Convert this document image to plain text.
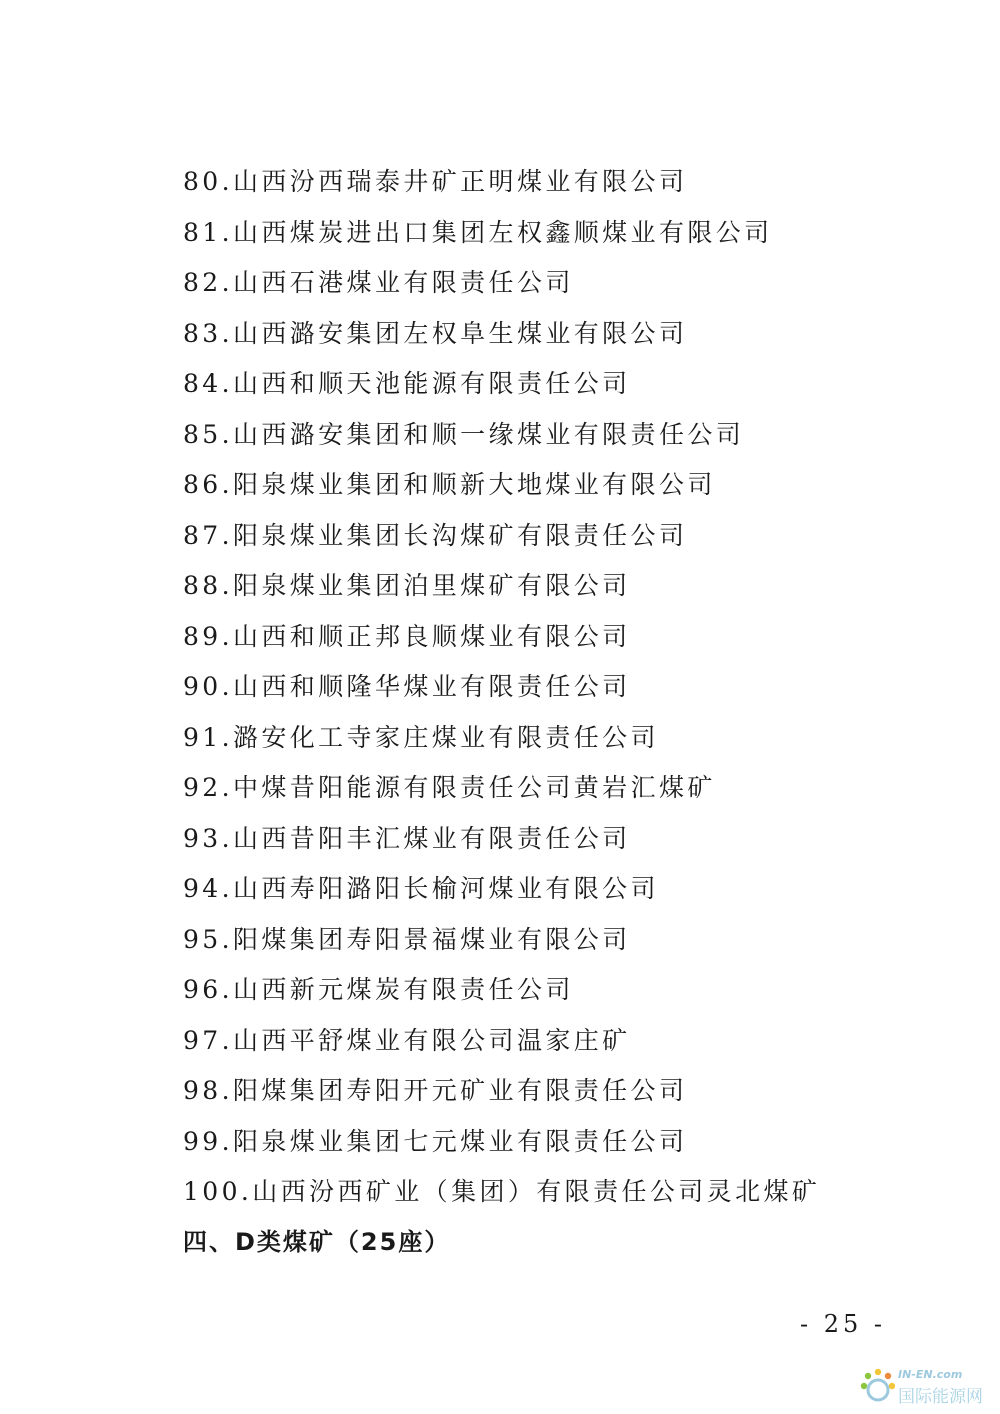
80.山西汾西瑞泰井矿正明煤业有限公司
81.山西煤炭进出口集团左权鑫顺煤业有限公司
82.山西石港煤业有限责任公司
83.山西潞安集团左权阜生煤业有限公司
84.山西和顺天池能源有限责任公司
85.山西潞安集团和顺一缘煤业有限责任公司
86.阳泉煤业集团和顺新大地煤业有限公司
87.阳泉煤业集团长沟煤矿有限责任公司
88.阳泉煤业集团泊里煤矿有限公司
89.山西和顺正邦良顺煤业有限公司
90.山西和顺隆华煤业有限责任公司
91.潞安化工寺家庄煤业有限责任公司
92.中煤昔阳能源有限责任公司黄岩汇煤矿
93.山西昔阳丰汇煤业有限责任公司
94.山西寿阳潞阳长榆河煤业有限公司
95.阳煤集团寿阳景福煤业有限公司
96.山西新元煤炭有限责任公司
97.山西平舒煤业有限公司温家庄矿
98.阳煤集团寿阳开元矿业有限责任公司
99.阳泉煤业集团七元煤业有限责任公司
100.山西汾西矿业（集团）有限责任公司灵北煤矿
四、D类煤矿（25座）
- 25 -
IN-EN.com
国际能源网
